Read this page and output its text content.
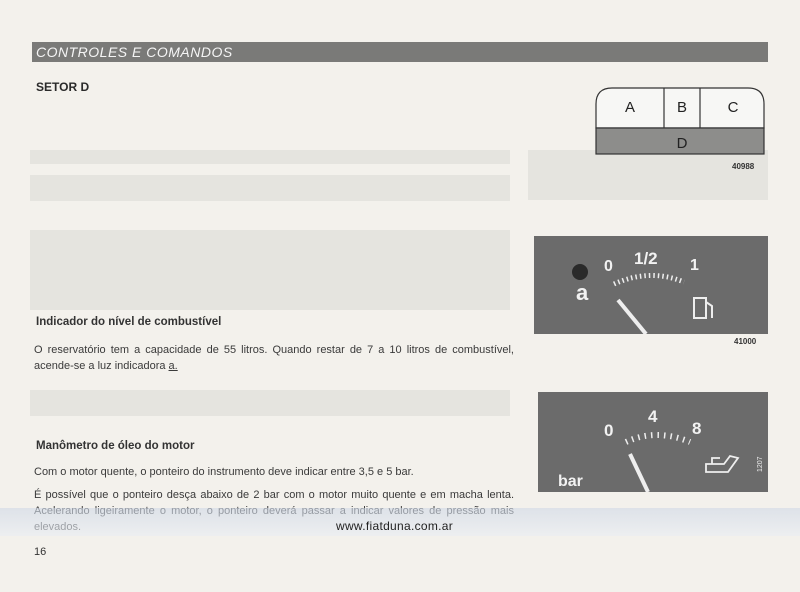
CONTROLES E COMANDOS
SETOR D
A	B	C
D
40988
Indicador do nível de combustível
O reservatório tem a capacidade de 55 litros. Quando restar de 7 a 10 litros de combustível, acende-se a luz indicadora a.
0 1/2 1
a
41000
Manômetro de óleo do motor
Com o motor quente, o ponteiro do instrumento deve indicar entre 3,5 e 5 bar.
É possível que o ponteiro desça abaixo de 2 bar com o motor muito quente e em macha lenta.
0
4
8
bar
1207
www.fiatduna.com.ar
16
